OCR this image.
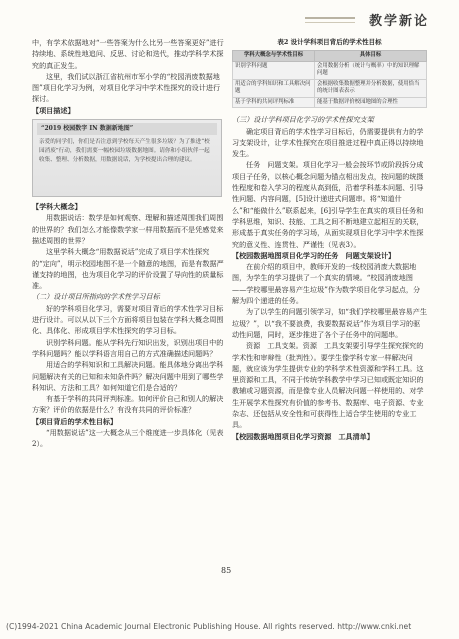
教学新论

中，有学术依据地对“一些答案为什么比另一些答案更好”进行持续地、系统性地追问、反思、讨论和迭代，推动学科学术探究的真正发生。

这里，我们试以浙江省杭州市军小学的“校园消废数据地图”项目化学习为例，对项目化学习中学术性探究的设计进行探讨。

【项目描述】

“2019 校园数字 IN 数据新地图”
亲爱的同学们，你们是否注意到学校每天产生很多垃圾？为了推进“校园消废”行动，我们需要一幅校园垃圾数据地图。请你和小组伙伴一起收集、整理、分析数据，用数据说话，为学校提出合理的建议。

【学科大概念】

用数据说话：数学是如何观察、理解和描述周围我们周围的世界的？我们怎么才能像数学家一样用数据而不是凭感觉来描述周围的世界？

这里学科大概念“用数据说话”完成了项目学术性探究的“定向”，明示校园地图不是一个随意的地图，而是有数据严谨支持的地图，也为项目化学习的评价设置了导向性的质量标准。

（二）设计项目所指向的学术性学习目标

好的学科项目化学习，需要对项目背后的学术性学习目标进行设计。可以从以下三个方面将项目包装在学科大概念周围化、具体化、形成项目学术性探究的学习目标。

识别学科问题。能从学科先行知识出发，识别出项目中的学科问题吗？能以学科语言用自己的方式准确描述问题吗？

用适合的学科知识和工具解决问题。能具体地分离出学科问题解决有关的已知和未知条件吗？解决问题中用到了哪些学科知识、方法和工具？如何知道它们是合适的？

有基于学科的共同评判标准。如何评价自己和别人的解决方案？评价的依据是什么？有没有共同的评价标准？

【项目背后的学术性目标】

“用数据说话”这一大概念从三个维度进一步具体化（见表2）。

表2 设计学科项目背后的学术性目标
学科大概念与学术性目标	具体目标
识别学科问题	会用数据分析（统计与概率）中的知识理解问题
用适合的学科知识和工具解决问题	会根据收集数据整理并分析数据，使用恰当的统计图表表示
基于学科的共同评判标准	能基于数据评价校园地图的合理性

（三）设计学科项目化学习的学术性探究支架

确定项目背后的学术性学习目标后，仍需要提供有力的学习支架设计，让学术性探究在项目推进过程中真正得以持续地发生。

任务　问题支架。项目化学习一般会按环节或阶段拆分成项目子任务，以核心概念问题为锚点相出发点，按问题的统摄性程度和卷入学习的程度从高到低，沿着学科基本问题、引导性问题、内容问题，[5]设计递进式问题串。将“知道什么”和“能做什么”联系起来，[6]引导学生在真实的项目任务和学科思维，知识、技能、工具之间不断地建立起相互的关联，形成基于真实任务的学习场，从面实现项目化学习中学术性探究的意义性、连贯性、严谨性（见表3）。

【校园数据地图项目化学习的任务　问题支架设计】

在前介绍的项目中，教师开发的一线校园消废大数据地图，为学生的学习提供了一个真实的情境。“校园消废地图——学校哪里最容易产生垃圾”作为数学项目化学习起点，分解为四个递进的任务。

为了以学生的问题引领学习，如“我们学校哪里最容易产生垃圾？”，以“我不要浪费，我要数据说话”作为项目学习的驱动性问题，同时，逐步推进了各个子任务中的问题串。

资源　工具支架。资源　工具支架要引导学生探究探究的学术性和审辩性（批判性）。要学生像学科专家一样解决问题，就应该为学生提供专业的学科学术性资源和学科工具。这里资源和工具，不同于传统学科教学中学习已知或既定知识的教辅或习题资源，而是像专业人员解决问题一样使用的、对学生开展学术性探究有价值的参考书、数据库、电子资源、专业杂志、还包括从安全性和可获得性上适合学生使用的专业工具。

【校园数据地图项目化学习资源　工具清单】

85
(C)1994-2021 China Academic Journal Electronic Publishing House. All rights reserved. http://www.cnki.net
